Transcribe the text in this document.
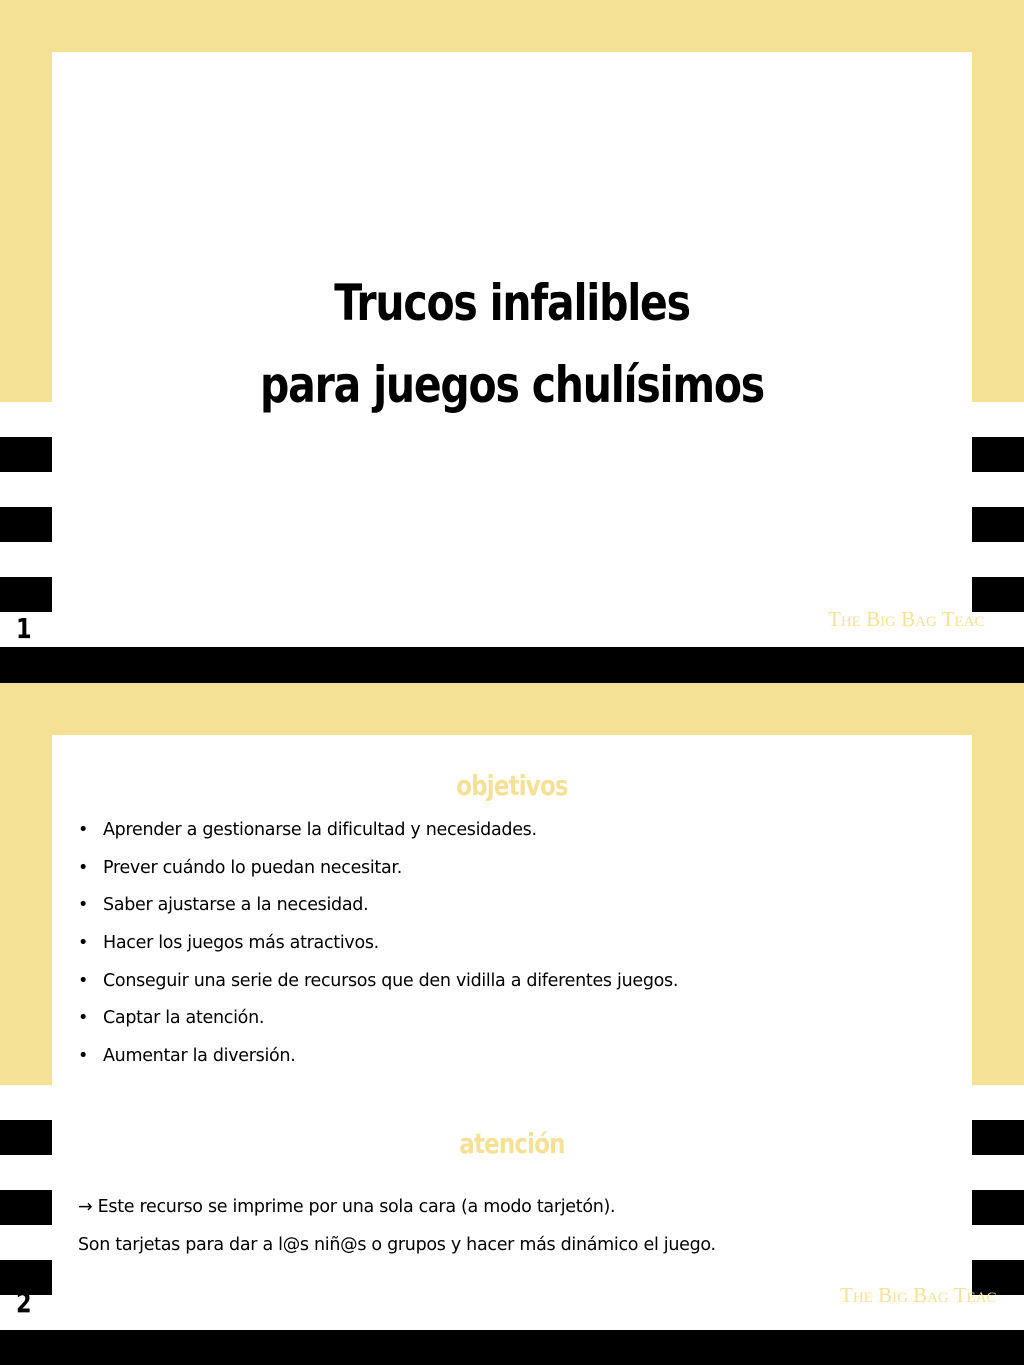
Trucos infalibles
para juegos chulísimos
1	The Big Bag Teac
objetivos
• Aprender a gestionarse la dificultad y necesidades.
• Prever cuándo lo puedan necesitar.
• Saber ajustarse a la necesidad.
• Hacer los juegos más atractivos.
• Conseguir una serie de recursos que den vidilla a diferentes juegos.
• Captar la atención.
• Aumentar la diversión.
atención
→ Este recurso se imprime por una sola cara (a modo tarjetón).
Son tarjetas para dar a l@s niñ@s o grupos y hacer más dinámico el juego.
2	The Big Bag Teac
